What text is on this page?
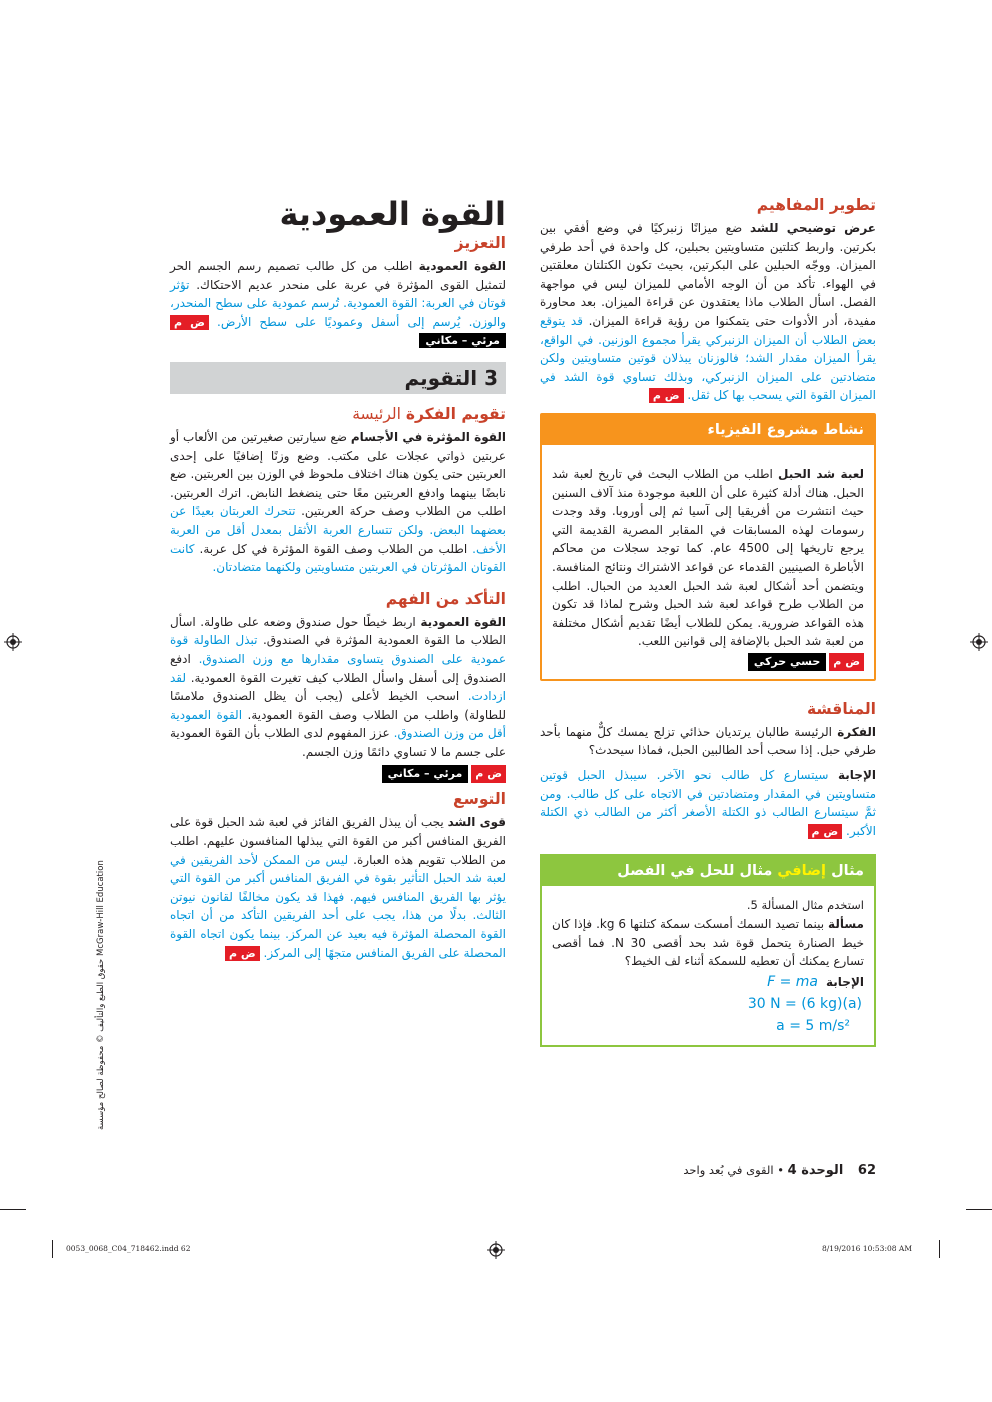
تطوير المفاهيم

عرض توضيحي للشد ضع ميزانًا زنبركيًا في وضع أفقي بين بكرتين. واربط كتلتين متساويتين بحبلين، كل واحدة في أحد طرفي الميزان. ووجّه الحبلين على البكرتين، بحيث تكون الكتلتان معلقتين في الهواء. تأكد من أن الوجه الأمامي للميزان ليس في مواجهة الفصل. اسأل الطلاب ماذا يعتقدون عن قراءة الميزان. بعد محاورة مفيدة، أدر الأدوات حتى يتمكنوا من رؤية قراءة الميزان. قد يتوقع بعض الطلاب أن الميزان الزنبركي يقرأ مجموع الوزنين. في الواقع، يقرأ الميزان مقدار الشد؛ فالوزنان يبذلان قوتين متساويتين ولكن متضادتين على الميزان الزنبركي، وبذلك تساوي قوة الشد في الميزان القوة التي يسحب بها كل ثقل. ض م

نشاط مشروع الفيزياء

لعبة شد الحبل اطلب من الطلاب البحث في تاريخ لعبة شد الحبل. هناك أدلة كثيرة على أن اللعبة موجودة منذ آلاف السنين حيث انتشرت من أفريقيا إلى آسيا ثم إلى أوروبا. وقد وجدت رسومات لهذه المسابقات في المقابر المصرية القديمة التي يرجع تاريخها إلى 4500 عام. كما توجد سجلات من محاكم الأباطرة الصينيين القدماء عن قواعد الاشتراك ونتائج المنافسة. ويتضمن أحد أشكال لعبة شد الحبل العديد من الحبال. اطلب من الطلاب طرح قواعد لعبة شد الحبل وشرح لماذا قد تكون هذه القواعد ضرورية. يمكن للطلاب أيضًا تقديم أشكال مختلفة من لعبة شد الحبل بالإضافة إلى قوانين اللعب.

ض م
حسي حركي
المناقشة

الفكرة الرئيسة طالبان يرتديان حذائي تزلج يمسك كلٌّ منهما بأحد طرفي حبل. إذا سحب أحد الطالبين الحبل، فماذا سيحدث؟

الإجابة سيتسارع كل طالب نحو الآخر. سيبذل الحبل قوتين متساويتين في المقدار ومتضادتين في الاتجاه على كل طالب. ومن ثمَّ سيتسارع الطالب ذو الكتلة الأصغر أكثر من الطالب ذي الكتلة الأكبر. ض م

مثال إضافي مثال للحل في الفصل

استخدم مثال المسألة 5.

مسألة بينما تصيد السمك أمسكت سمكة كتلتها 6 kg. فإذا كان خيط الصنارة يتحمل قوة شد بحد أقصى 30 N. فما أقصى تسارع يمكنك أن تعطيه للسمكة أثناء لف الخيط؟

الإجابة
F = ma
30 N = (6 kg)(a)
a = 5 m/s²
القوة العمودية
التعزيز

القوة العمودية اطلب من كل طالب تصميم رسم الجسم الحر لتمثيل القوى المؤثرة في عربة على منحدر عديم الاحتكاك. تؤثر قوتان في العربة: القوة العمودية. تُرسم عمودية على سطح المنحدر، والوزن. يُرسم إلى أسفل وعموديًا على سطح الأرض. ض م مرئي – مكاني

3 التقويم
تقويم الفكرة الرئيسة

القوة المؤثرة في الأجسام ضع سيارتين صغيرتين من الألعاب أو عربتين ذواتي عجلات على مكتب. وضع وزنًا إضافيًا على إحدى العربتين حتى يكون هناك اختلاف ملحوظ في الوزن بين العربتين. ضع نابضًا بينهما وادفع العربتين معًا حتى ينضغط النابض. اترك العربتين. اطلب من الطلاب وصف حركة العربتين. تتحرك العربتان بعيدًا عن بعضهما البعض. ولكن تتسارع العربة الأثقل بمعدل أقل من العربة الأخف. اطلب من الطلاب وصف القوة المؤثرة في كل عربة. كانت القوتان المؤثرتان في العربتين متساويتين ولكنهما متضادتان.

التأكد من الفهم

القوة العمودية اربط خيطًا حول صندوق وضعه على طاولة. اسأل الطلاب ما القوة العمودية المؤثرة في الصندوق. تبذل الطاولة قوة عمودية على الصندوق يتساوى مقدارها مع وزن الصندوق. ادفع الصندوق إلى أسفل واسأل الطلاب كيف تغيرت القوة العمودية. لقد ازدادت. اسحب الخيط لأعلى (يجب أن يظل الصندوق ملامسًا للطاولة) واطلب من الطلاب وصف القوة العمودية. القوة العمودية أقل من وزن الصندوق. عزز المفهوم لدى الطلاب بأن القوة العمودية على جسم ما لا تساوي دائمًا وزن الجسم.

ض م
مرئي – مكاني
التوسع

قوى الشد يجب أن يبذل الفريق الفائز في لعبة شد الحبل قوة على الفريق المنافس أكبر من القوة التي يبذلها المنافسون عليهم. اطلب من الطلاب تقويم هذه العبارة. ليس من الممكن لأحد الفريقين في لعبة شد الحبل التأثير بقوة في الفريق المنافس أكبر من القوة التي يؤثر بها الفريق المنافس فيهم. فهذا قد يكون مخالفًا لقانون نيوتن الثالث. بدلًا من هذا، يجب على أحد الفريقين التأكد من أن اتجاه القوة المحصلة المؤثرة فيه بعيد عن المركز. بينما يكون اتجاه القوة المحصلة على الفريق المنافس متجهًا إلى المركز. ض م

حقوق الطبع والتأليف © محفوظة لصالح مؤسسة McGraw-Hill Education
62    الوحدة 4 • القوى في بُعد واحد
0053_0068_C04_718462.indd 62	8/19/2016 10:53:08 AM
